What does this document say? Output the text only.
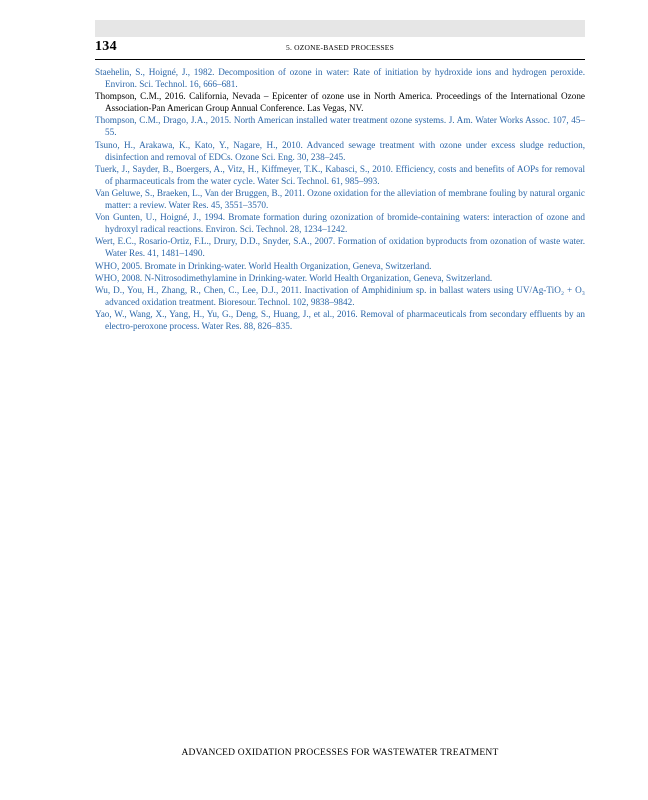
134	5. OZONE-BASED PROCESSES

Staehelin, S., Hoigné, J., 1982. Decomposition of ozone in water: Rate of initiation by hydroxide ions and hydrogen peroxide. Environ. Sci. Technol. 16, 666–681.

Thompson, C.M., 2016. California, Nevada – Epicenter of ozone use in North America. Proceedings of the International Ozone Association-Pan American Group Annual Conference. Las Vegas, NV.

Thompson, C.M., Drago, J.A., 2015. North American installed water treatment ozone systems. J. Am. Water Works Assoc. 107, 45–55.

Tsuno, H., Arakawa, K., Kato, Y., Nagare, H., 2010. Advanced sewage treatment with ozone under excess sludge reduction, disinfection and removal of EDCs. Ozone Sci. Eng. 30, 238–245.

Tuerk, J., Sayder, B., Boergers, A., Vitz, H., Kiffmeyer, T.K., Kabasci, S., 2010. Efficiency, costs and benefits of AOPs for removal of pharmaceuticals from the water cycle. Water Sci. Technol. 61, 985–993.

Van Geluwe, S., Braeken, L., Van der Bruggen, B., 2011. Ozone oxidation for the alleviation of membrane fouling by natural organic matter: a review. Water Res. 45, 3551–3570.

Von Gunten, U., Hoigné, J., 1994. Bromate formation during ozonization of bromide-containing waters: interaction of ozone and hydroxyl radical reactions. Environ. Sci. Technol. 28, 1234–1242.

Wert, E.C., Rosario-Ortiz, F.L., Drury, D.D., Snyder, S.A., 2007. Formation of oxidation byproducts from ozonation of waste water. Water Res. 41, 1481–1490.

WHO, 2005. Bromate in Drinking-water. World Health Organization, Geneva, Switzerland.

WHO, 2008. N-Nitrosodimethylamine in Drinking-water. World Health Organization, Geneva, Switzerland.

Wu, D., You, H., Zhang, R., Chen, C., Lee, D.J., 2011. Inactivation of Amphidinium sp. in ballast waters using UV/Ag-TiO₂ + O₃ advanced oxidation treatment. Bioresour. Technol. 102, 9838–9842.

Yao, W., Wang, X., Yang, H., Yu, G., Deng, S., Huang, J., et al., 2016. Removal of pharmaceuticals from secondary effluents by an electro-peroxone process. Water Res. 88, 826–835.

ADVANCED OXIDATION PROCESSES FOR WASTEWATER TREATMENT
